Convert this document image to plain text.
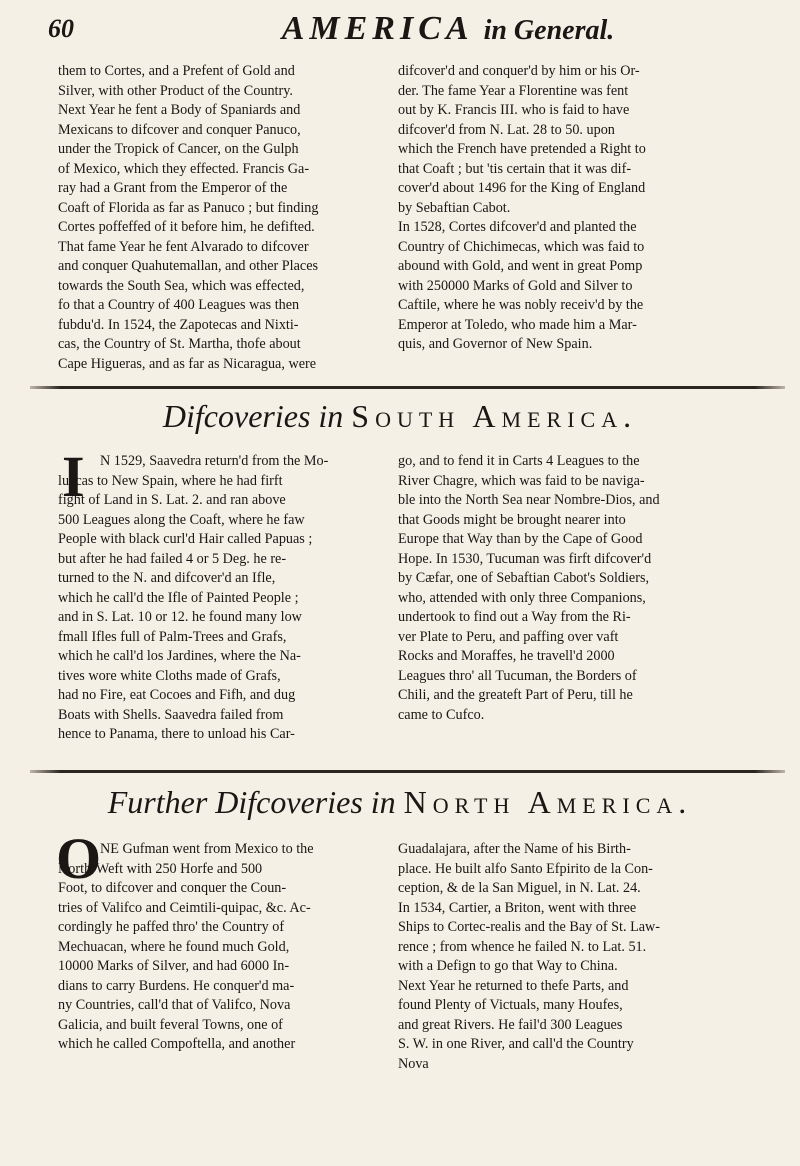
60	AMERICA in General.
them to Cortes, and a Prefent of Gold and
Silver, with other Product of the Country.
Next Year he fent a Body of Spaniards and
Mexicans to difcover and conquer Panuco,
under the Tropick of Cancer, on the Gulph
of Mexico, which they effected. Francis Ga-
ray had a Grant from the Emperor of the
Coaft of Florida as far as Panuco ; but finding
Cortes poffeffed of it before him, he defifted.
That fame Year he fent Alvarado to difcover
and conquer Quahutemallan, and other Places
towards the South Sea, which was effected,
fo that a Country of 400 Leagues was then
fubdu'd. In 1524, the Zapotecas and Nixti-
cas, the Country of St. Martha, thofe about
Cape Higueras, and as far as Nicaragua, were
difcover'd and conquer'd by him or his Or-
der. The fame Year a Florentine was fent
out by K. Francis III. who is faid to have
difcover'd from N. Lat. 28 to 50. upon
which the French have pretended a Right to
that Coaft ; but 'tis certain that it was dif-
cover'd about 1496 for the King of England
by Sebaftian Cabot.
In 1528, Cortes difcover'd and planted the
Country of Chichimecas, which was faid to
abound with Gold, and went in great Pomp
with 250000 Marks of Gold and Silver to
Caftile, where he was nobly receiv'd by the
Emperor at Toledo, who made him a Mar-
quis, and Governor of New Spain.
Difcoveries in South America.
I	N 1529, Saavedra return'd from the Mo-
luccas to New Spain, where he had firft
fight of Land in S. Lat. 2. and ran above
500 Leagues along the Coaft, where he faw
People with black curl'd Hair called Papuas ;
but after he had failed 4 or 5 Deg. he re-
turned to the N. and difcover'd an Ifle,
which he call'd the Ifle of Painted People ;
and in S. Lat. 10 or 12. he found many low
fmall Ifles full of Palm-Trees and Grafs,
which he call'd los Jardines, where the Na-
tives wore white Cloths made of Grafs,
had no Fire, eat Cocoes and Fifh, and dug
Boats with Shells. Saavedra failed from
hence to Panama, there to unload his Car-
go, and to fend it in Carts 4 Leagues to the
River Chagre, which was faid to be naviga-
ble into the North Sea near Nombre-Dios, and
that Goods might be brought nearer into
Europe that Way than by the Cape of Good
Hope. In 1530, Tucuman was firft difcover'd
by Cæfar, one of Sebaftian Cabot's Soldiers,
who, attended with only three Companions,
undertook to find out a Way from the Ri-
ver Plate to Peru, and paffing over vaft
Rocks and Moraffes, he travell'd 2000
Leagues thro' all Tucuman, the Borders of
Chili, and the greateft Part of Peru, till he
came to Cufco.
Further Difcoveries in North America.
O
NE Gufman went from Mexico to the
North-Weft with 250 Horfe and 500
Foot, to difcover and conquer the Coun-
tries of Valifco and Ceimtili-quipac, &c. Ac-
cordingly he paffed thro' the Country of
Mechuacan, where he found much Gold,
10000 Marks of Silver, and had 6000 In-
dians to carry Burdens. He conquer'd ma-
ny Countries, call'd that of Valifco, Nova
Galicia, and built feveral Towns, one of
which he called Compoftella, and another
Guadalajara, after the Name of his Birth-
place. He built alfo Santo Efpirito de la Con-
ception, & de la San Miguel, in N. Lat. 24.
In 1534, Cartier, a Briton, went with three
Ships to Cortec-realis and the Bay of St. Law-
rence ; from whence he failed N. to Lat. 51.
with a Defign to go that Way to China.
Next Year he returned to thefe Parts, and
found Plenty of Victuals, many Houfes,
and great Rivers. He fail'd 300 Leagues
S. W. in one River, and call'd the Country
Nova
